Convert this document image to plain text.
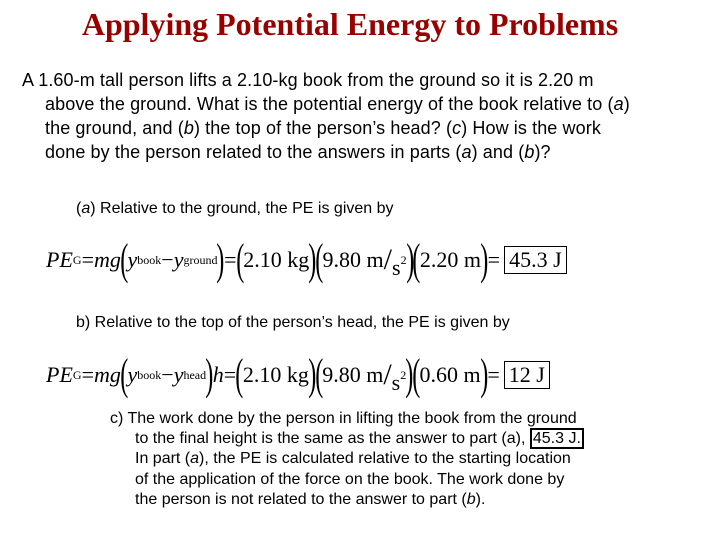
Applying Potential Energy to Problems
A 1.60-m tall person lifts a 2.10-kg book from the ground so it is 2.20 m
above the ground. What is the potential energy of the book relative to (a)
the ground, and (b) the top of the person’s head? (c) How is the work
done by the person related to the answers in parts (a) and (b)?
(a) Relative to the ground, the PE is given by
PE G = mg ( y book − y ground ) = ( 2.10 kg )
( 9.80 m / $s^2$ )
( 2.20 m ) = 45.3 J
b) Relative to the top of the person’s head, the PE is given by
PE G = mg ( y book − y head ) h = ( 2.10 kg )
( 9.80 m / $s^2$ )
( 0.60 m ) = 12 J
c) The work done by the person in lifting the book from the ground
to the final height is the same as the answer to part (a), 45.3 J.
In part (a), the PE is calculated relative to the starting location
of the application of the force on the book. The work done by
the person is not related to the answer to part (b).
